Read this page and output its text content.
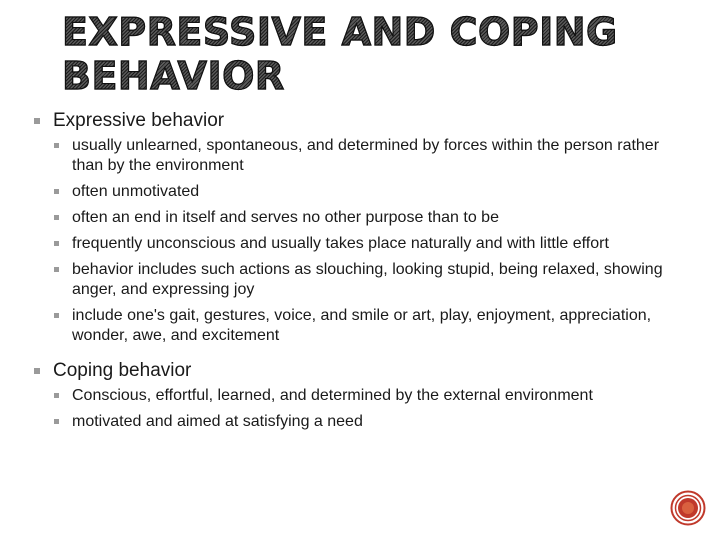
EXPRESSIVE AND COPING BEHAVIOR
Expressive behavior
usually unlearned, spontaneous, and determined by forces within the person rather than by the environment
often unmotivated
often an end in itself and serves no other purpose than to be
frequently unconscious and usually takes place naturally and with little effort
behavior includes such actions as slouching, looking stupid, being relaxed, showing anger, and expressing joy
include one's gait, gestures, voice, and smile or art, play, enjoyment, appreciation, wonder, awe, and excitement
Coping behavior
Conscious, effortful, learned, and determined by the external environment
motivated and aimed at satisfying a need
